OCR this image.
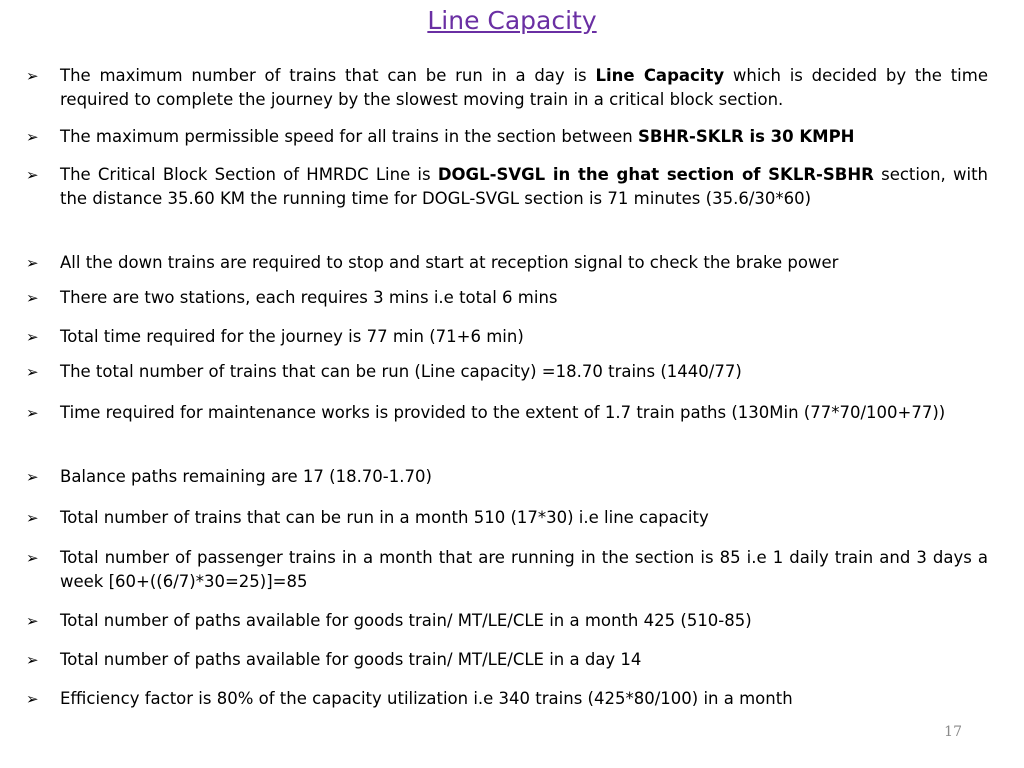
Line Capacity
➢	The maximum number of trains that can be run in a day is Line Capacity which is decided by the time required to complete the journey by the slowest moving train in a critical block section.
➢	The maximum permissible speed for all trains in the section between SBHR-SKLR is 30 KMPH
➢	The Critical Block Section of HMRDC Line is DOGL-SVGL in the ghat section of SKLR-SBHR section, with the distance 35.60 KM the running time for DOGL-SVGL section is 71 minutes (35.6/30*60)
➢	All the down trains are required to stop and start at reception signal to check the brake power
➢	There are two stations, each requires 3 mins i.e total 6 mins
➢	Total time required for the journey is 77 min (71+6 min)
➢	The total number of trains that can be run (Line capacity) =18.70 trains (1440/77)
➢	Time required for maintenance works is provided to the extent of 1.7 train paths (130Min (77*70/100+77))
➢	Balance paths remaining are 17 (18.70-1.70)
➢	Total number of trains that can be run in a month 510 (17*30) i.e line capacity
➢	Total number of passenger trains in a month that are running in the section is 85 i.e 1 daily train and 3 days a week [60+((6/7)*30=25)]=85
➢	Total number of paths available for goods train/ MT/LE/CLE in a month 425 (510-85)
➢	Total number of paths available for goods train/ MT/LE/CLE in a day 14
➢	Efficiency factor is 80% of the capacity utilization i.e 340 trains (425*80/100) in a month
17
